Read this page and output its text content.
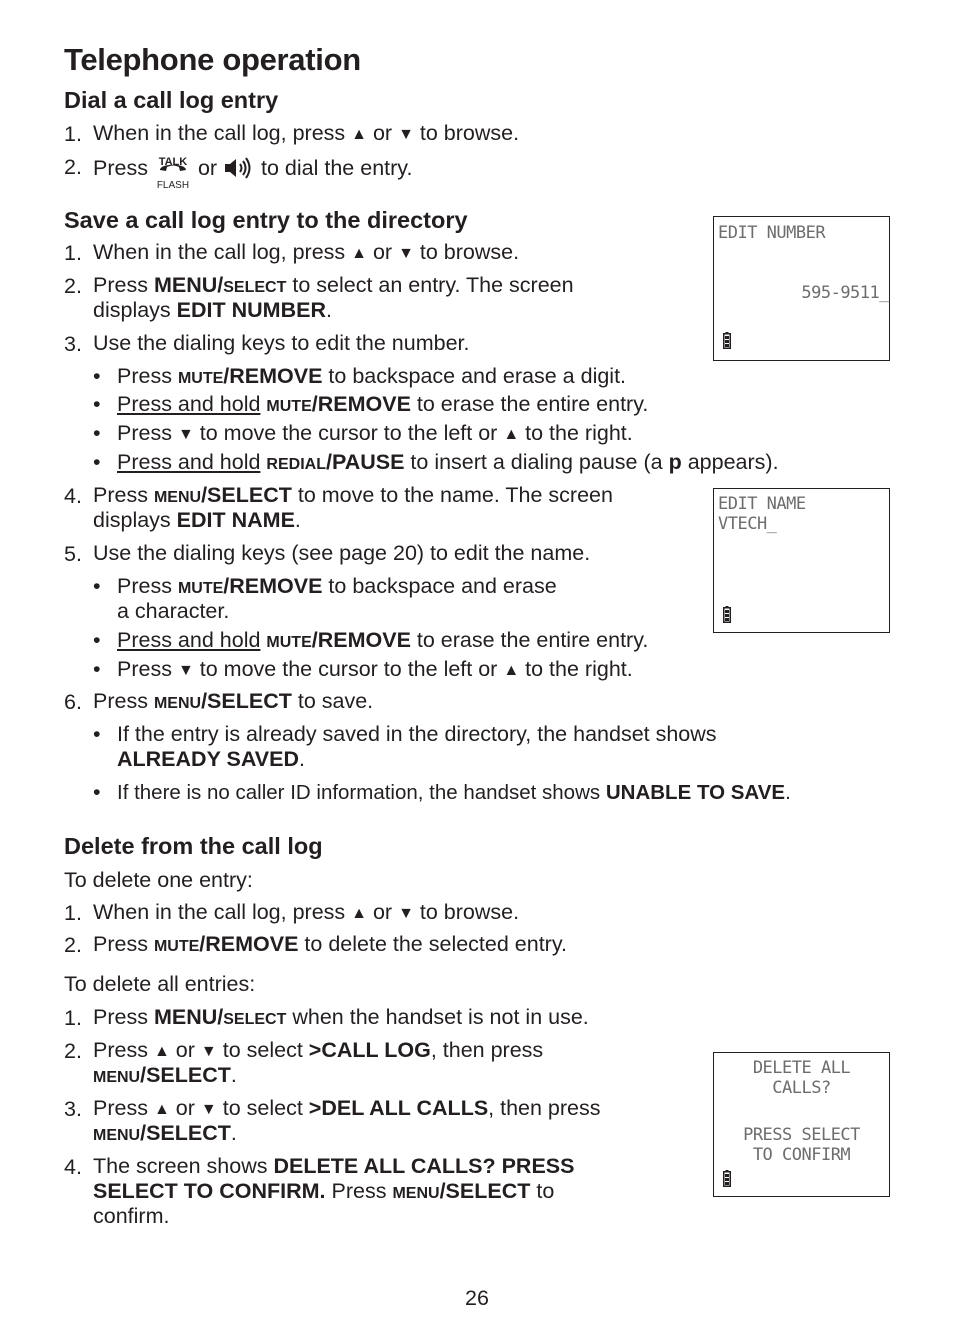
Telephone operation
Dial a call log entry
1. When in the call log, press ▲ or ▼ to browse.
2. Press TALK
FLASH
or to dial the entry.
Save a call log entry to the directory
1. When in the call log, press ▲ or ▼ to browse.
2. Press MENU/SELECT to select an entry. The screen
displays EDIT NUMBER.
3. Use the dialing keys to edit the number.
• Press MUTE/REMOVE to backspace and erase a digit.
• Press and hold MUTE/REMOVE to erase the entire entry.
• Press ▼ to move the cursor to the left or ▲ to the right.
• Press and hold REDIAL/PAUSE to insert a dialing pause (a p appears).
4. Press MENU/SELECT to move to the name. The screen
displays EDIT NAME.
5. Use the dialing keys (see page 20) to edit the name.
• Press MUTE/REMOVE to backspace and erase
a character.
• Press and hold MUTE/REMOVE to erase the entire entry.
• Press ▼ to move the cursor to the left or ▲ to the right.
6. Press MENU/SELECT to save.
• If the entry is already saved in the directory, the handset shows
ALREADY SAVED.
• If there is no caller ID information, the handset shows UNABLE TO SAVE.
Delete from the call log
To delete one entry:
1. When in the call log, press ▲ or ▼ to browse.
2. Press MUTE/REMOVE to delete the selected entry.
To delete all entries:
1. Press MENU/SELECT when the handset is not in use.
2. Press ▲ or ▼ to select >CALL LOG, then press
MENU/SELECT.
3. Press ▲ or ▼ to select >DEL ALL CALLS, then press
MENU/SELECT.
4. The screen shows DELETE ALL CALLS? PRESS
SELECT TO CONFIRM. Press MENU/SELECT to
confirm.
EDIT NUMBER
595-9511_
EDIT NAME
VTECH_
DELETE ALL
CALLS?
PRESS SELECT
TO CONFIRM
26
